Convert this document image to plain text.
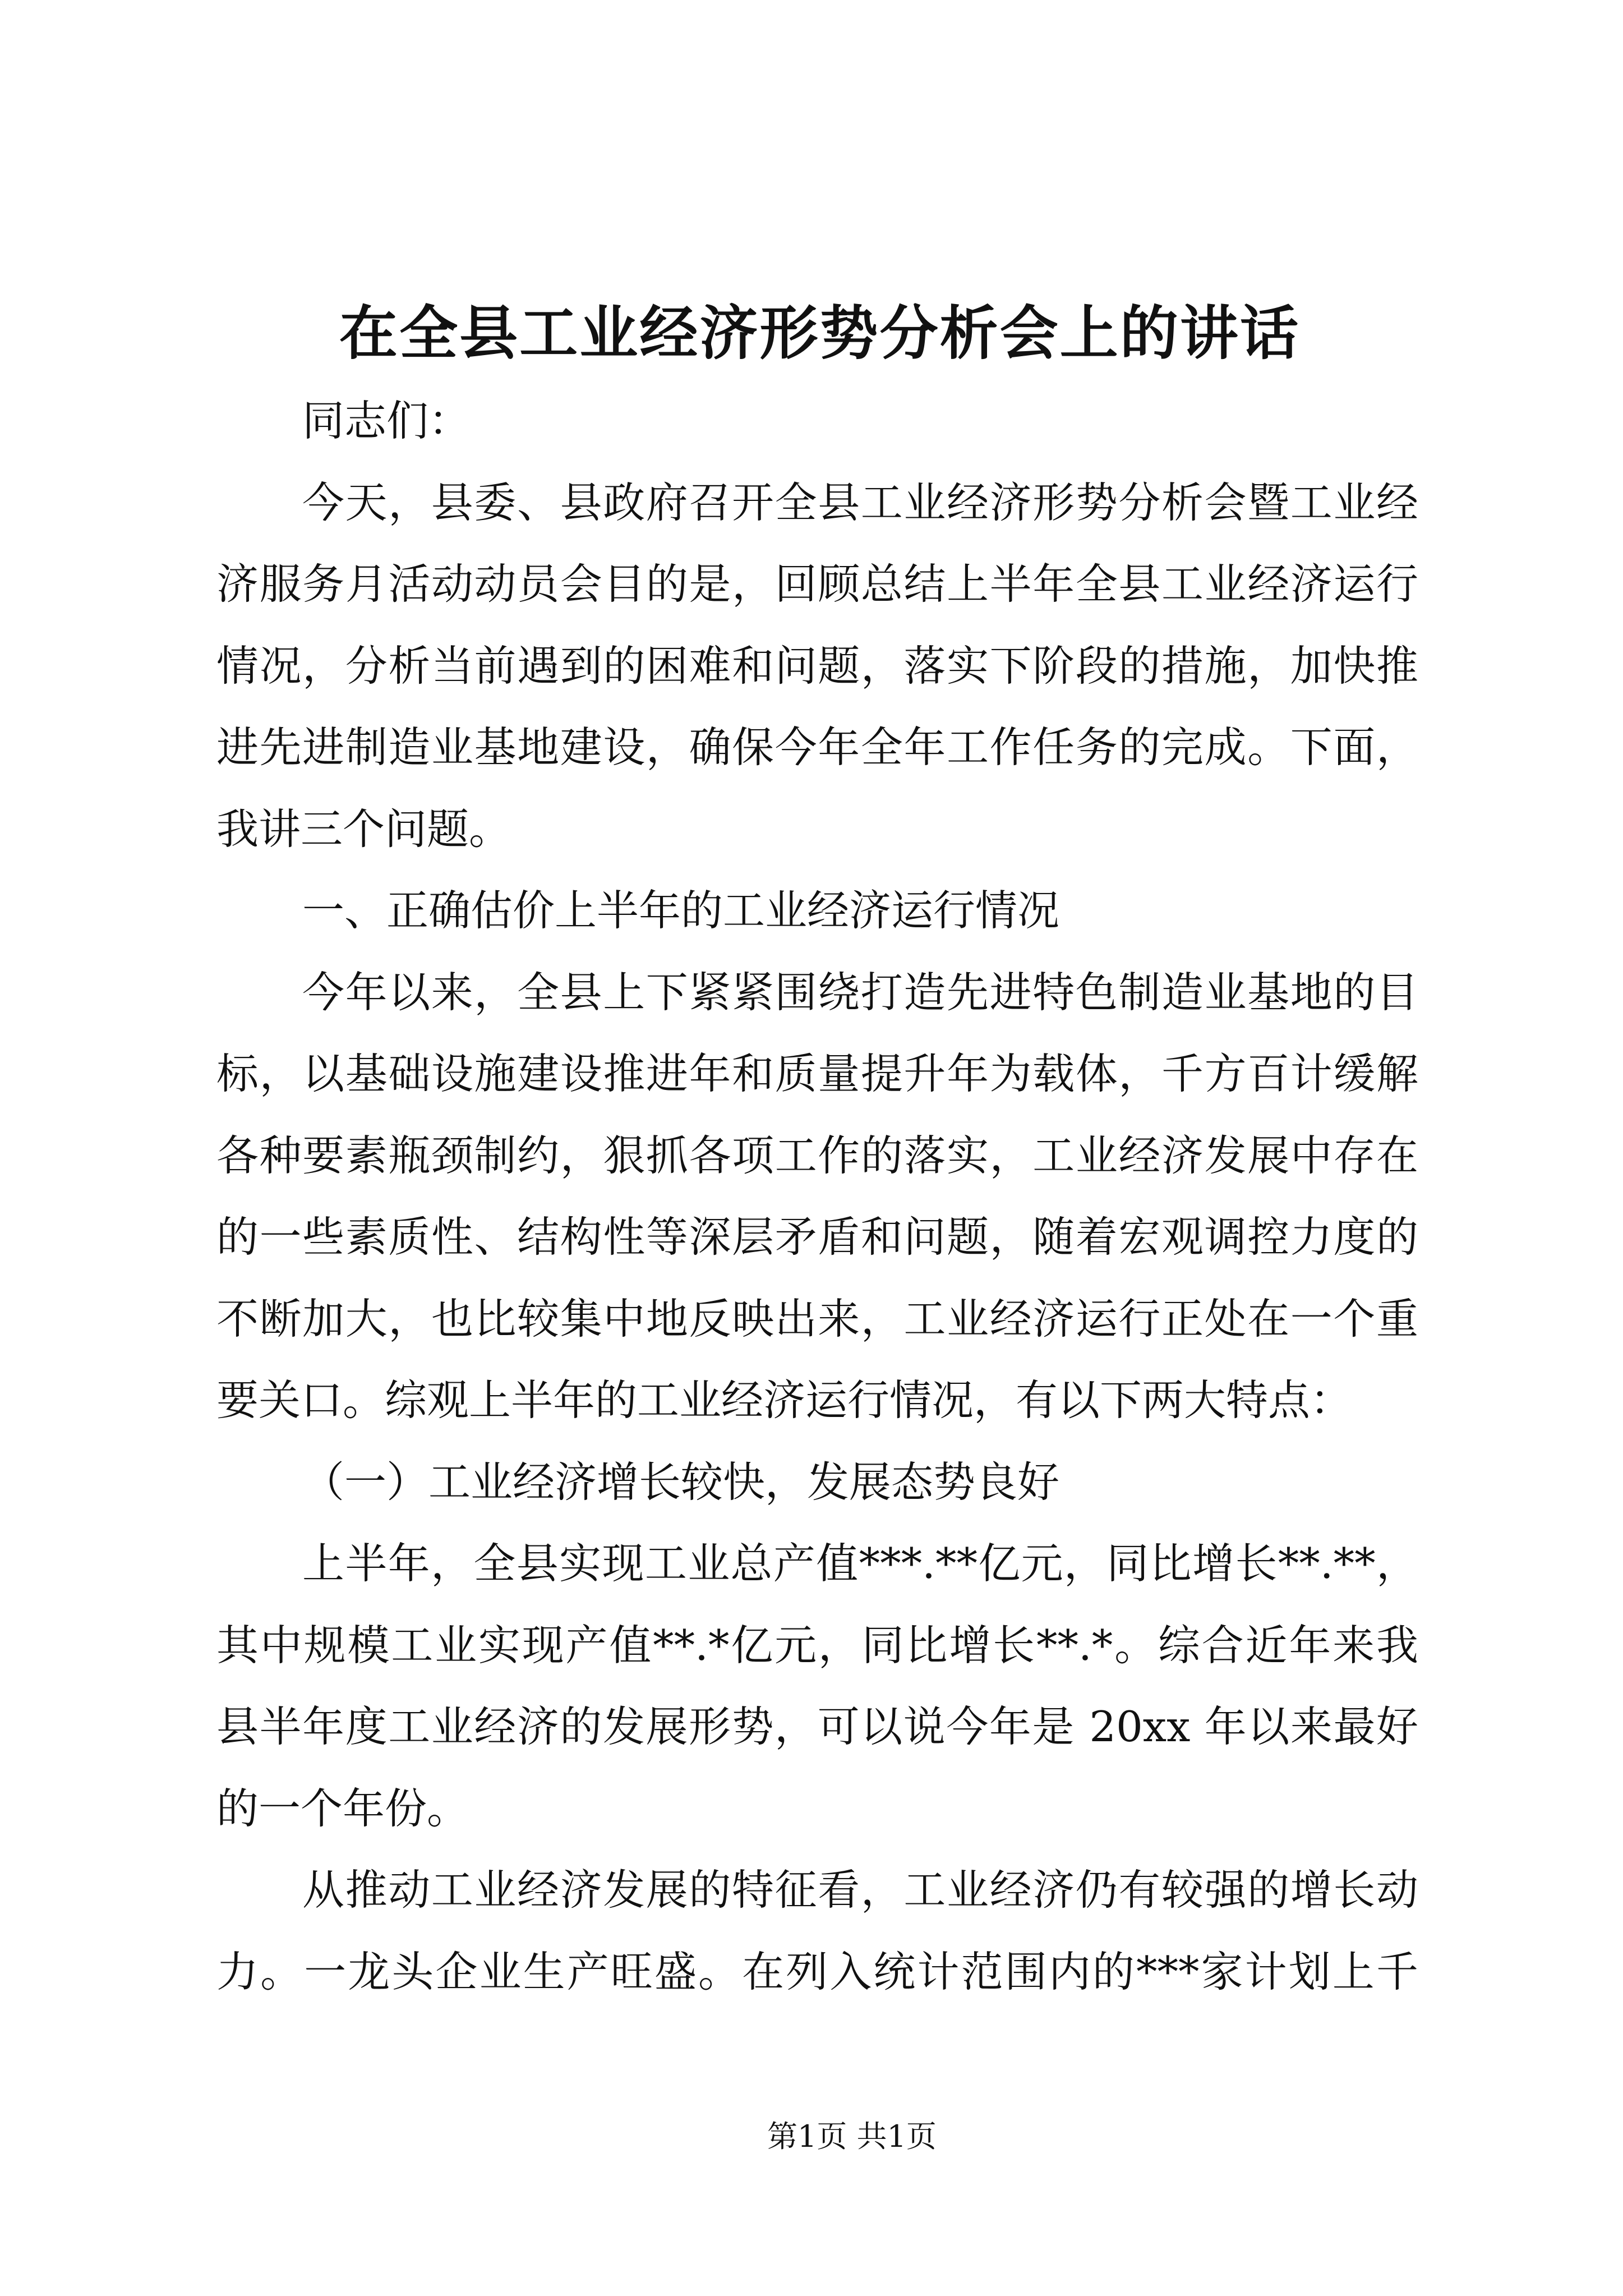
在全县工业经济形势分析会上的讲话
同志们：
今天，县委、县政府召开全县工业经济形势分析会暨工业经
济服务月活动动员会目的是，回顾总结上半年全县工业经济运行
情况，分析当前遇到的困难和问题，落实下阶段的措施，加快推
进先进制造业基地建设，确保今年全年工作任务的完成。下面，
我讲三个问题。
一、正确估价上半年的工业经济运行情况
今年以来，全县上下紧紧围绕打造先进特色制造业基地的目
标，以基础设施建设推进年和质量提升年为载体，千方百计缓解
各种要素瓶颈制约，狠抓各项工作的落实，工业经济发展中存在
的一些素质性、结构性等深层矛盾和问题，随着宏观调控力度的
不断加大，也比较集中地反映出来，工业经济运行正处在一个重
要关口。综观上半年的工业经济运行情况，有以下两大特点：
（一）工业经济增长较快，发展态势良好
上半年，全县实现工业总产值***.**亿元，同比增长**.**，
其中规模工业实现产值**.*亿元，同比增长**.*。综合近年来我
县半年度工业经济的发展形势，可以说今年是 20xx 年以来最好
的一个年份。
从推动工业经济发展的特征看，工业经济仍有较强的增长动
力。一龙头企业生产旺盛。在列入统计范围内的***家计划上千
第1页 共1页
